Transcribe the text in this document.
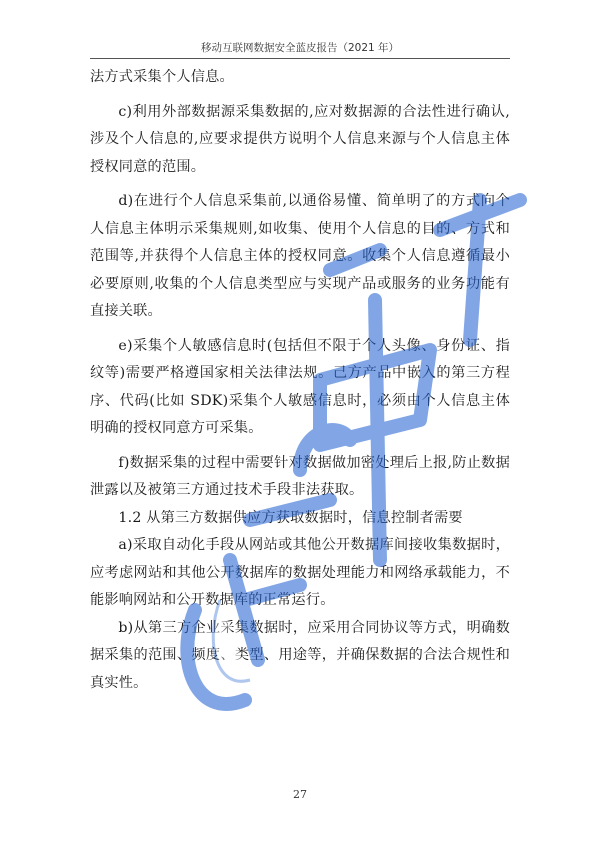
移动互联网数据安全蓝皮报告（2021 年）

法方式采集个人信息。

c)利用外部数据源采集数据的,应对数据源的合法性进行确认,涉及个人信息的,应要求提供方说明个人信息来源与个人信息主体授权同意的范围。

d)在进行个人信息采集前,以通俗易懂、简单明了的方式向个人信息主体明示采集规则,如收集、使用个人信息的目的、方式和范围等,并获得个人信息主体的授权同意。收集个人信息遵循最小必要原则,收集的个人信息类型应与实现产品或服务的业务功能有直接关联。

e)采集个人敏感信息时(包括但不限于个人头像、身份证、指纹等)需要严格遵国家相关法律法规。己方产品中嵌入的第三方程序、代码(比如 SDK)采集个人敏感信息时，必须由个人信息主体明确的授权同意方可采集。

f)数据采集的过程中需要针对数据做加密处理后上报,防止数据泄露以及被第三方通过技术手段非法获取。

1.2 从第三方数据供应方获取数据时，信息控制者需要

a)采取自动化手段从网站或其他公开数据库间接收集数据时，应考虑网站和其他公开数据库的数据处理能力和网络承载能力，不能影响网站和公开数据库的正常运行。

b)从第三方企业采集数据时，应采用合同协议等方式，明确数据采集的范围、频度、类型、用途等，并确保数据的合法合规性和真实性。

27
